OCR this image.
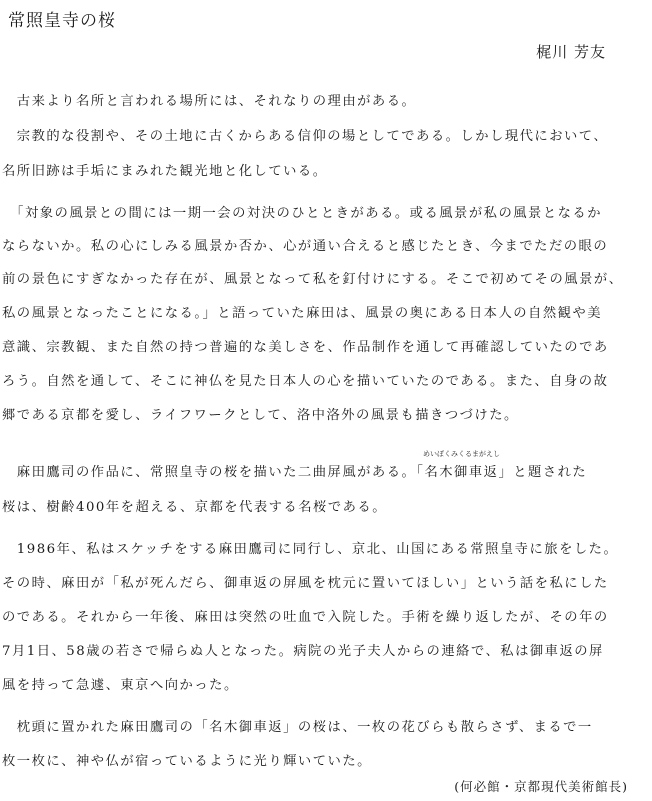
常照皇寺の桜
梶川 芳友
　古来より名所と言われる場所には、それなりの理由がある。
　宗教的な役割や、その土地に古くからある信仰の場としてである。しかし現代において、
名所旧跡は手垢にまみれた観光地と化している。
　「対象の風景との間には一期一会の対決のひとときがある。或る風景が私の風景となるか
ならないか。私の心にしみる風景か否か、心が通い合えると感じたとき、今までただの眼の
前の景色にすぎなかった存在が、風景となって私を釘付けにする。そこで初めてその風景が、
私の風景となったことになる。」と語っていた麻田は、風景の奥にある日本人の自然観や美
意識、宗教観、また自然の持つ普遍的な美しさを、作品制作を通して再確認していたのであ
ろう。自然を通して、そこに神仏を見た日本人の心を描いていたのである。また、自身の故
郷である京都を愛し、ライフワークとして、洛中洛外の風景も描きつづけた。
　麻田鷹司の作品に、常照皇寺の桜を描いた二曲屏風がある。「
めいぼくみくるまがえし
名木御車返」と題された
桜は、樹齢400年を超える、京都を代表する名桜である。
　1986年、私はスケッチをする麻田鷹司に同行し、京北、山国にある常照皇寺に旅をした。
その時、麻田が「私が死んだら、御車返の屏風を枕元に置いてほしい」という話を私にした
のである。それから一年後、麻田は突然の吐血で入院した。手術を繰り返したが、その年の
7月1日、58歳の若さで帰らぬ人となった。病院の光子夫人からの連絡で、私は御車返の屏
風を持って急遽、東京へ向かった。
　枕頭に置かれた麻田鷹司の「名木御車返」の桜は、一枚の花びらも散らさず、まるで一
枚一枚に、神や仏が宿っているように光り輝いていた。
(何必館・京都現代美術館長)
